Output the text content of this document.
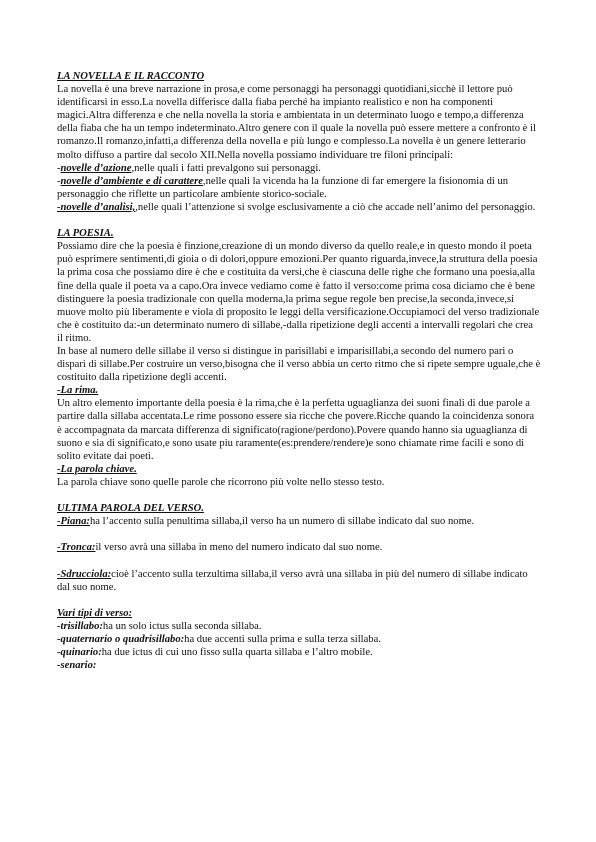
LA NOVELLA E IL RACCONTO

La novella è una breve narrazione in prosa,e come personaggi ha personaggi quotidiani,sicchè il lettore può identificarsi in esso.La novella differisce dalla fiaba perché ha impianto realistico e non ha componenti magici.Altra differenza e che nella novella la storia e ambientata in un determinato luogo e tempo,a differenza della fiaba che ha un tempo indeterminato.Altro genere con il quale la novella può essere mettere a confronto è il romanzo.Il romanzo,infatti,a differenza della novella e più lungo e complesso.La novella è un genere letterario molto diffuso a partire dal secolo XII.Nella novella possiamo individuare tre filoni principali:

-novelle d’azione,nelle quali i fatti prevalgono sui personaggi.

-novelle d’ambiente e di carattere,nelle quali la vicenda ha la funzione di far emergere la fisionomia di un personaggio che riflette un particolare ambiente storico-sociale.

-novelle d’analisi,,nelle quali l’attenzione si svolge esclusivamente a ciò che accade nell’animo del personaggio.

LA POESIA.

Possiamo dire che la poesia è finzione,creazione di un mondo diverso da quello reale,e in questo mondo il poeta può esprimere sentimenti,di gioia o di dolori,oppure emozioni.Per quanto riguarda,invece,la struttura della poesia la prima cosa che possiamo dire è che e costituita da versi,che è ciascuna delle righe che formano una poesia,alla fine della quale il poeta va a capo.Ora invece vediamo come è fatto il verso:come prima cosa diciamo che è bene distinguere la poesia tradizionale con quella moderna,la prima segue regole ben precise,la seconda,invece,si muove molto più liberamente e viola di proposito le leggi della versificazione.Occupiamoci del verso tradizionale che è costituito da:-un determinato numero di sillabe,-dalla ripetizione degli accenti a intervalli regolari che crea il ritmo.

In base al numero delle sillabe il verso si distingue in parisillabi e imparisillabi,a secondo del numero pari o dispari di sillabe.Per costruire un verso,bisogna che il verso abbia un certo ritmo che si ripete sempre uguale,che è costituito dalla ripetizione degli accenti.

-La rima.

Un altro elemento importante della poesia è la rima,che è la perfetta uguaglianza dei suoni finali di due parole a partire dalla sillaba accentata.Le rime possono essere sia ricche che povere.Ricche quando la coincidenza sonora è accompagnata da marcata differenza di significato(ragione/perdono).Povere quando hanno sia uguaglianza di suono e sia di significato,e sono usate piu raramente(es:prendere/rendere)e sono chiamate rime facili e sono di solito evitate dai poeti.

-La parola chiave.

La parola chiave sono quelle parole che ricorrono più volte nello stesso testo.

ULTIMA PAROLA DEL VERSO.

-Piana:ha l’accento sulla penultima sillaba,il verso ha un numero di sillabe indicato dal suo nome.

-Tronca:il verso avrà una sillaba in meno del numero indicato dal suo nome.

-Sdrucciola:cioè l’accento sulla terzultima sillaba,il verso avrà una sillaba in più del numero di sillabe indicato dal suo nome.

Vari tipi di verso:

-trisillabo:ha un solo ictus sulla seconda sillaba.

-quaternario o quadrisillabo:ha due accenti sulla prima e sulla terza sillaba.

-quinario:ha due ictus di cui uno fisso sulla quarta sillaba e l’altro mobile.

-senario:
